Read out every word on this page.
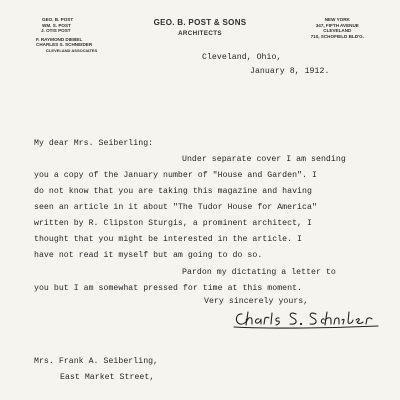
GEO. B. POST
WM. S. POST
J. OTIS POST
F. RAYMOND DIEBEL
CHARLES S. SCHNEIDER
CLEVELAND ASSOCIATES
GEO. B. POST & SONS
ARCHITECTS
NEW YORK
347, FIFTH AVENUE
CLEVELAND
710, SCHOFIELD BLD'G.
Cleveland, Ohio,
January 8, 1912.
My dear Mrs. Seiberling:
Under separate cover I am sending
you a copy of the January number of "House and Garden". I
do not know that you are taking this magazine and having
seen an article in it about "The Tudor House for America"
written by R. Clipston Sturgis, a prominent architect, I
thought that you might be interested in the article. I
have not read it myself but am going to do so.
Pardon my dictating a letter to
you but I am somewhat pressed for time at this moment.
Very sincerely yours,
Mrs. Frank A. Seiberling,
East Market Street,
